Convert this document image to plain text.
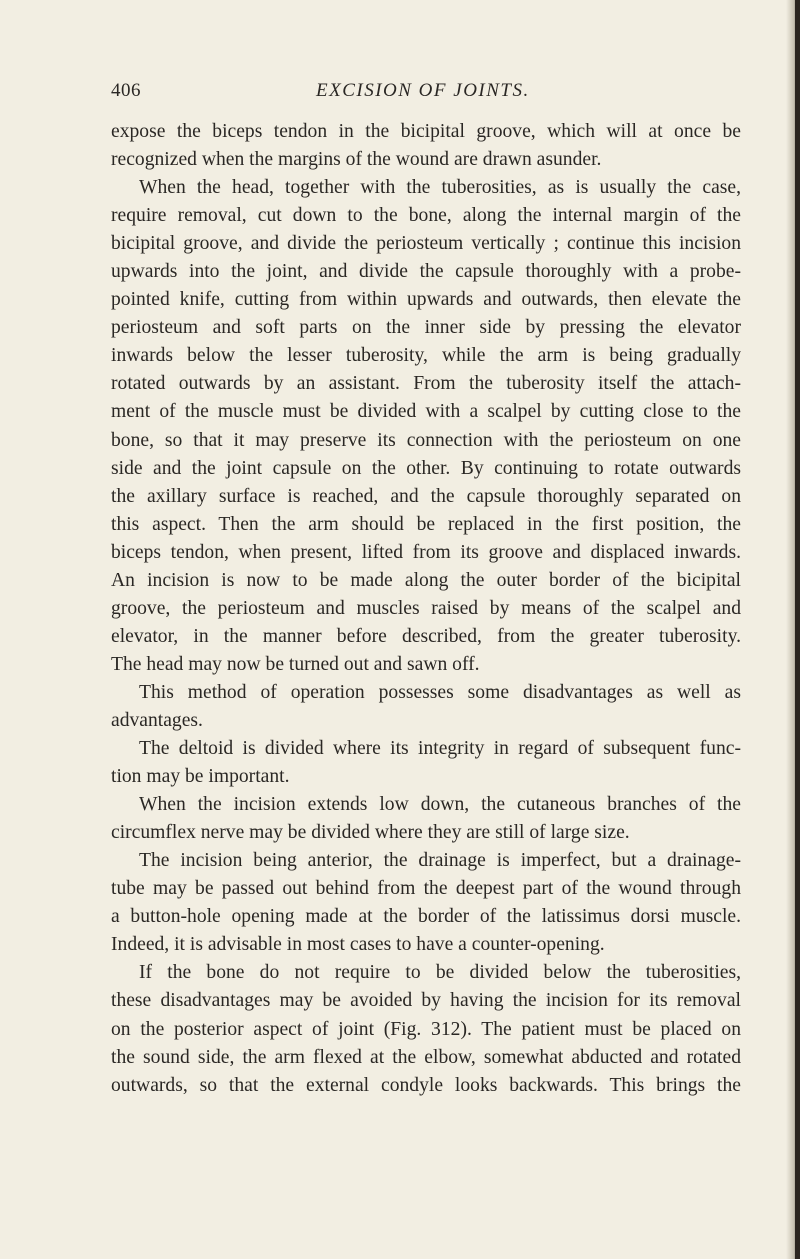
406	EXCISION OF JOINTS.
expose the biceps tendon in the bicipital groove, which will at once be
recognized when the margins of the wound are drawn asunder.
When the head, together with the tuberosities, as is usually the case,
require removal, cut down to the bone, along the internal margin of the
bicipital groove, and divide the periosteum vertically ; continue this incision
upwards into the joint, and divide the capsule thoroughly with a probe-
pointed knife, cutting from within upwards and outwards, then elevate the
periosteum and soft parts on the inner side by pressing the elevator
inwards below the lesser tuberosity, while the arm is being gradually
rotated outwards by an assistant. From the tuberosity itself the attach-
ment of the muscle must be divided with a scalpel by cutting close to the
bone, so that it may preserve its connection with the periosteum on one
side and the joint capsule on the other. By continuing to rotate outwards
the axillary surface is reached, and the capsule thoroughly separated on
this aspect. Then the arm should be replaced in the first position, the
biceps tendon, when present, lifted from its groove and displaced inwards.
An incision is now to be made along the outer border of the bicipital
groove, the periosteum and muscles raised by means of the scalpel and
elevator, in the manner before described, from the greater tuberosity.
The head may now be turned out and sawn off.
This method of operation possesses some disadvantages as well as
advantages.
The deltoid is divided where its integrity in regard of subsequent func-
tion may be important.
When the incision extends low down, the cutaneous branches of the
circumflex nerve may be divided where they are still of large size.
The incision being anterior, the drainage is imperfect, but a drainage-
tube may be passed out behind from the deepest part of the wound through
a button-hole opening made at the border of the latissimus dorsi muscle.
Indeed, it is advisable in most cases to have a counter-opening.
If the bone do not require to be divided below the tuberosities,
these disadvantages may be avoided by having the incision for its removal
on the posterior aspect of joint (Fig. 312). The patient must be placed on
the sound side, the arm flexed at the elbow, somewhat abducted and rotated
outwards, so that the external condyle looks backwards. This brings the
